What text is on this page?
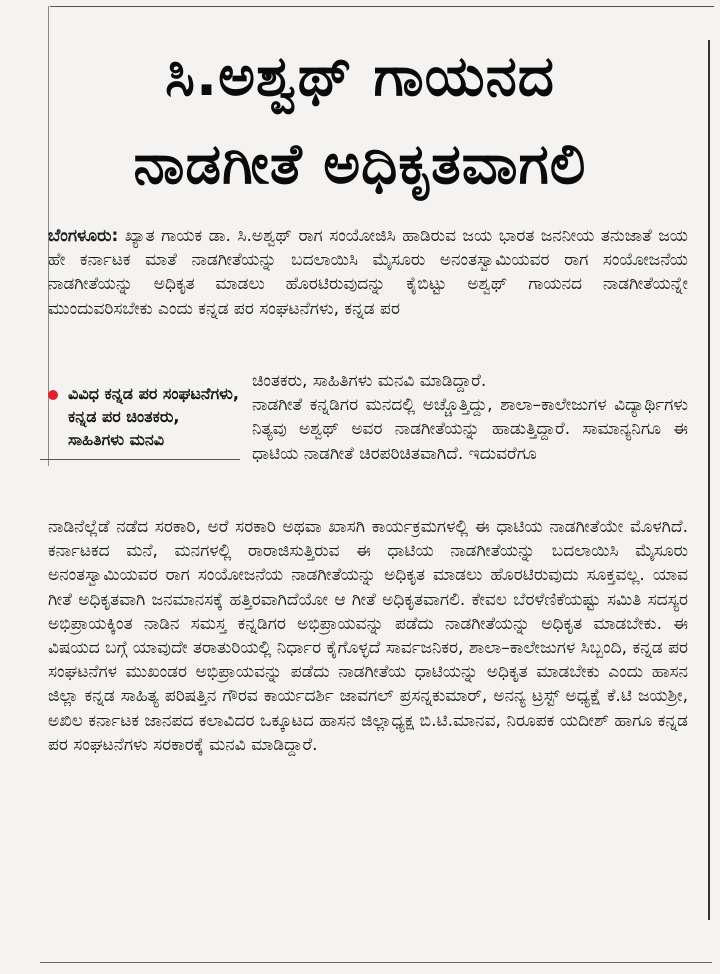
ಸಿ.ಅಶ್ವಥ್ ಗಾಯನದ
ನಾಡಗೀತೆ ಅಧಿಕೃತವಾಗಲಿ

ಬೆಂಗಳೂರು: ಖ್ಯಾತ ಗಾಯಕ ಡಾ. ಸಿ.ಅಶ್ವಥ್ ರಾಗ ಸಂಯೋಜಿಸಿ ಹಾಡಿರುವ ಜಯ ಭಾರತ ಜನನೀಯ ತನುಜಾತೆ ಜಯ ಹೇ ಕರ್ನಾಟಕ ಮಾತೆ ನಾಡಗೀತೆಯನ್ನು ಬದಲಾಯಿಸಿ ಮೈಸೂರು ಅನಂತಸ್ವಾಮಿಯವರ ರಾಗ ಸಂಯೋಜನೆಯ ನಾಡಗೀತೆಯನ್ನು ಅಧಿಕೃತ ಮಾಡಲು ಹೊರಟಿರುವುದನ್ನು ಕೈಬಿಟ್ಟು ಅಶ್ವಥ್ ಗಾಯನದ ನಾಡಗೀತೆಯನ್ನೇ ಮುಂದುವರಿಸಬೇಕು ಎಂದು ಕನ್ನಡ ಪರ ಸಂಘಟನೆಗಳು, ಕನ್ನಡ ಪರ

ವಿವಿಧ ಕನ್ನಡ ಪರ ಸಂಘಟನೆಗಳು, ಕನ್ನಡ ಪರ ಚಿಂತಕರು, ಸಾಹಿತಿಗಳು ಮನವಿ

ಚಿಂತಕರು, ಸಾಹಿತಿಗಳು ಮನವಿ ಮಾಡಿದ್ದಾರೆ.

ನಾಡಗೀತೆ ಕನ್ನಡಿಗರ ಮನದಲ್ಲಿ ಅಚ್ಚೊತ್ತಿದ್ದು, ಶಾಲಾ–ಕಾಲೇಜುಗಳ ವಿದ್ಯಾರ್ಥಿಗಳು ನಿತ್ಯವು ಅಶ್ವಥ್ ಅವರ ನಾಡಗೀತೆಯನ್ನು ಹಾಡುತ್ತಿದ್ದಾರೆ. ಸಾಮಾನ್ಯನಿಗೂ ಈ ಧಾಟಿಯ ನಾಡಗೀತೆ ಚಿರಪರಿಚಿತವಾಗಿದೆ. ಇದುವರೆಗೂ

ನಾಡಿನೆಲ್ಲೆಡೆ ನಡೆದ ಸರಕಾರಿ, ಅರೆ ಸರಕಾರಿ ಅಥವಾ ಖಾಸಗಿ ಕಾರ್ಯಕ್ರಮಗಳಲ್ಲಿ ಈ ಧಾಟಿಯ ನಾಡಗೀತೆಯೇ ಮೊಳಗಿದೆ. ಕರ್ನಾಟಕದ ಮನೆ, ಮನಗಳಲ್ಲಿ ರಾರಾಜಿಸುತ್ತಿರುವ ಈ ಧಾಟಿಯ ನಾಡಗೀತೆಯನ್ನು ಬದಲಾಯಿಸಿ ಮೈಸೂರು ಅನಂತಸ್ವಾಮಿಯವರ ರಾಗ ಸಂಯೋಜನೆಯ ನಾಡಗೀತೆಯನ್ನು ಅಧಿಕೃತ ಮಾಡಲು ಹೊರಟಿರುವುದು ಸೂಕ್ತವಲ್ಲ. ಯಾವ ಗೀತೆ ಅಧಿಕೃತವಾಗಿ ಜನಮಾನಸಕ್ಕೆ ಹತ್ತಿರವಾಗಿದೆಯೋ ಆ ಗೀತೆ ಅಧಿಕೃತವಾಗಲಿ. ಕೇವಲ ಬೆರಳೆಣಿಕೆಯಷ್ಟು ಸಮಿತಿ ಸದಸ್ಯರ ಅಭಿಪ್ರಾಯಕ್ಕಿಂತ ನಾಡಿನ ಸಮಸ್ತ ಕನ್ನಡಿಗರ ಅಭಿಪ್ರಾಯವನ್ನು ಪಡೆದು ನಾಡಗೀತೆಯನ್ನು ಅಧಿಕೃತ ಮಾಡಬೇಕು. ಈ ವಿಷಯದ ಬಗ್ಗೆ ಯಾವುದೇ ತರಾತುರಿಯಲ್ಲಿ ನಿರ್ಧಾರ ಕೈಗೊಳ್ಳದೆ ಸಾರ್ವಜನಿಕರ, ಶಾಲಾ–ಕಾಲೇಜುಗಳ ಸಿಬ್ಬಂದಿ, ಕನ್ನಡ ಪರ ಸಂಘಟನೆಗಳ ಮುಖಂಡರ ಅಭಿಪ್ರಾಯವನ್ನು ಪಡೆದು ನಾಡಗೀತೆಯ ಧಾಟಿಯನ್ನು ಅಧಿಕೃತ ಮಾಡಬೇಕು ಎಂದು ಹಾಸನ ಜಿಲ್ಲಾ ಕನ್ನಡ ಸಾಹಿತ್ಯ ಪರಿಷತ್ತಿನ ಗೌರವ ಕಾರ್ಯದರ್ಶಿ ಜಾವಗಲ್ ಪ್ರಸನ್ನಕುಮಾರ್, ಅನನ್ಯ ಟ್ರಸ್ಟ್ ಅಧ್ಯಕ್ಷೆ ಕೆ.ಟಿ ಜಯಶ್ರೀ, ಅಖಿಲ ಕರ್ನಾಟಕ ಜಾನಪದ ಕಲಾವಿದರ ಒಕ್ಕೂಟದ ಹಾಸನ ಜಿಲ್ಲಾಧ್ಯಕ್ಷ ಬಿ.ಟಿ.ಮಾನವ, ನಿರೂಪಕ ಯದೀಶ್ ಹಾಗೂ ಕನ್ನಡ ಪರ ಸಂಘಟನೆಗಳು ಸರಕಾರಕ್ಕೆ ಮನವಿ ಮಾಡಿದ್ದಾರೆ.
